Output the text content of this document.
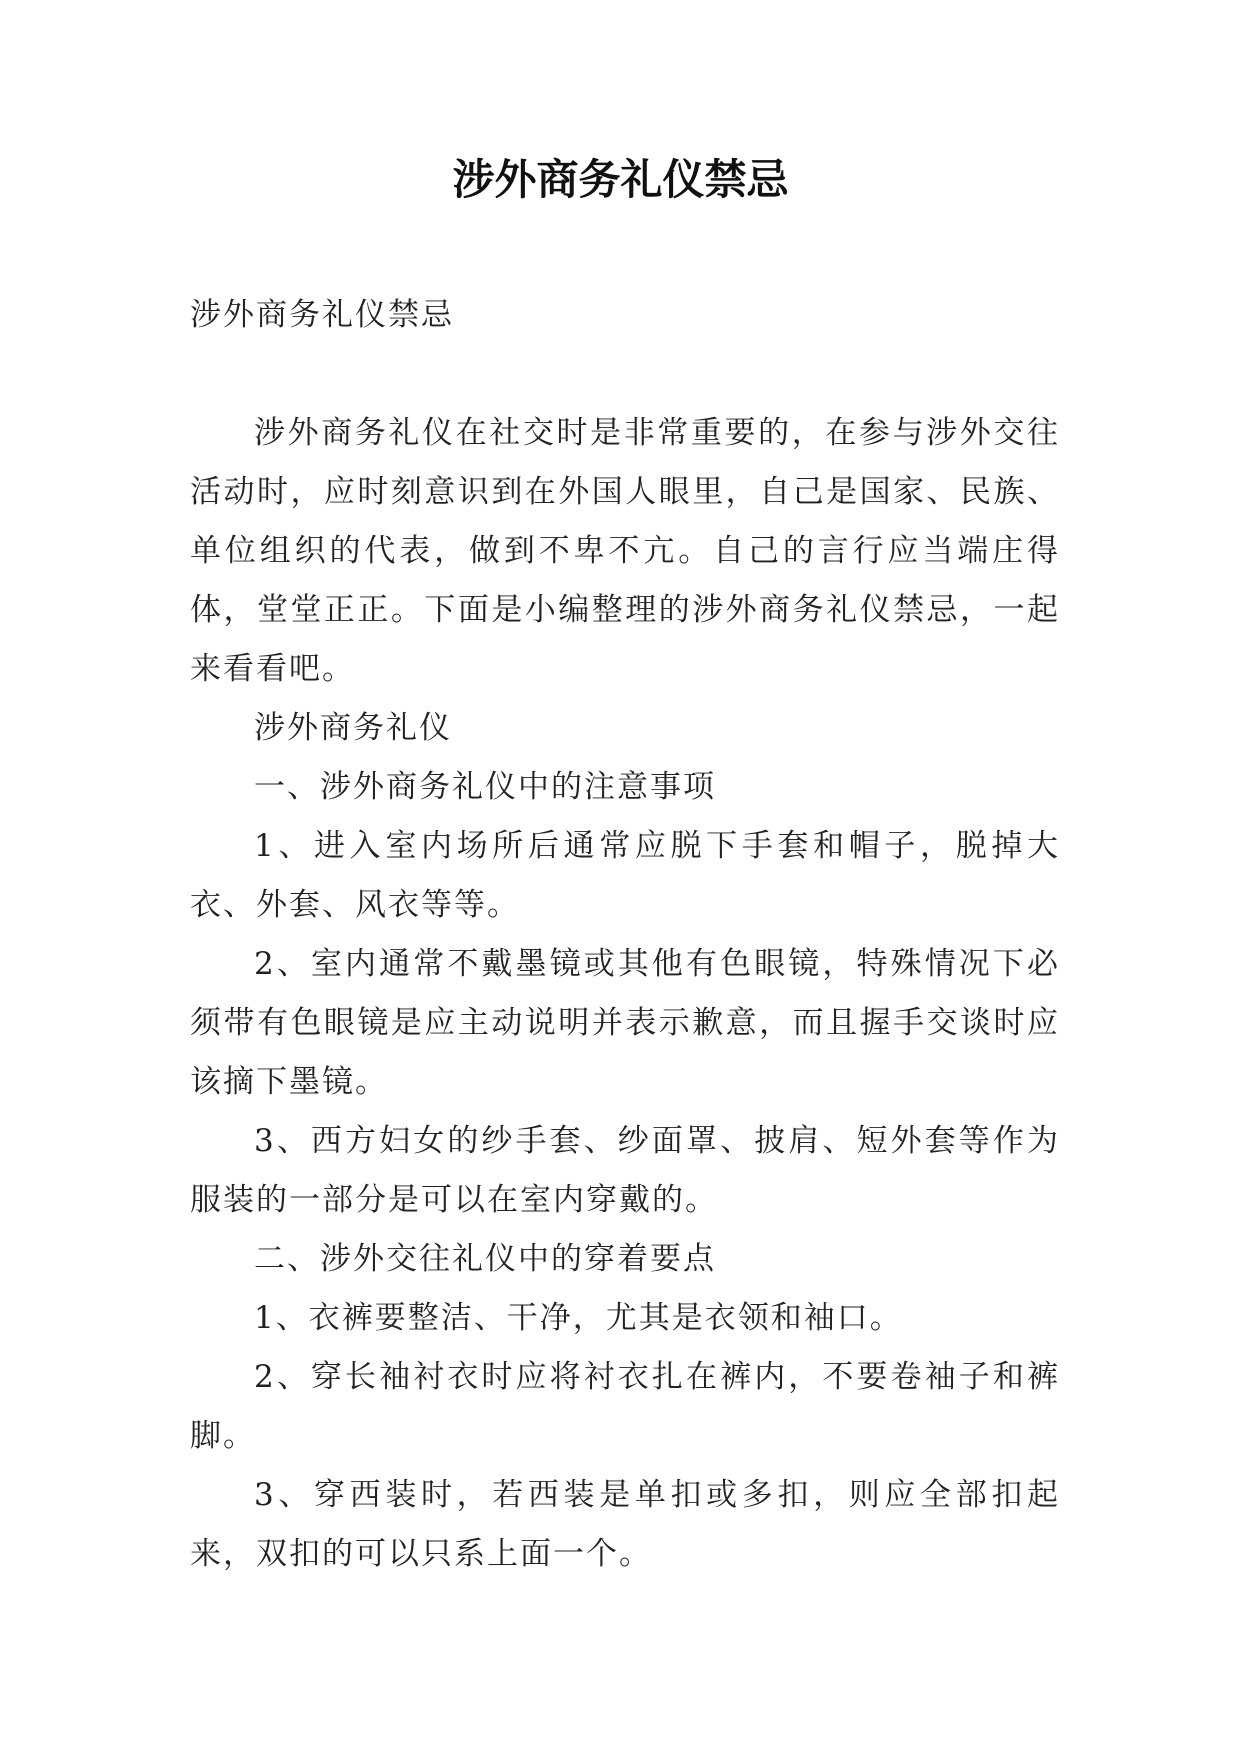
涉外商务礼仪禁忌

涉外商务礼仪禁忌

涉外商务礼仪在社交时是非常重要的，在参与涉外交往活动时，应时刻意识到在外国人眼里，自己是国家、民族、单位组织的代表，做到不卑不亢。自己的言行应当端庄得体，堂堂正正。下面是小编整理的涉外商务礼仪禁忌，一起来看看吧。

涉外商务礼仪

一、涉外商务礼仪中的注意事项

1、进入室内场所后通常应脱下手套和帽子，脱掉大衣、外套、风衣等等。

2、室内通常不戴墨镜或其他有色眼镜，特殊情况下必须带有色眼镜是应主动说明并表示歉意，而且握手交谈时应该摘下墨镜。

3、西方妇女的纱手套、纱面罩、披肩、短外套等作为服装的一部分是可以在室内穿戴的。

二、涉外交往礼仪中的穿着要点

1、衣裤要整洁、干净，尤其是衣领和袖口。

2、穿长袖衬衣时应将衬衣扎在裤内，不要卷袖子和裤脚。

3、穿西装时，若西装是单扣或多扣，则应全部扣起来，双扣的可以只系上面一个。
